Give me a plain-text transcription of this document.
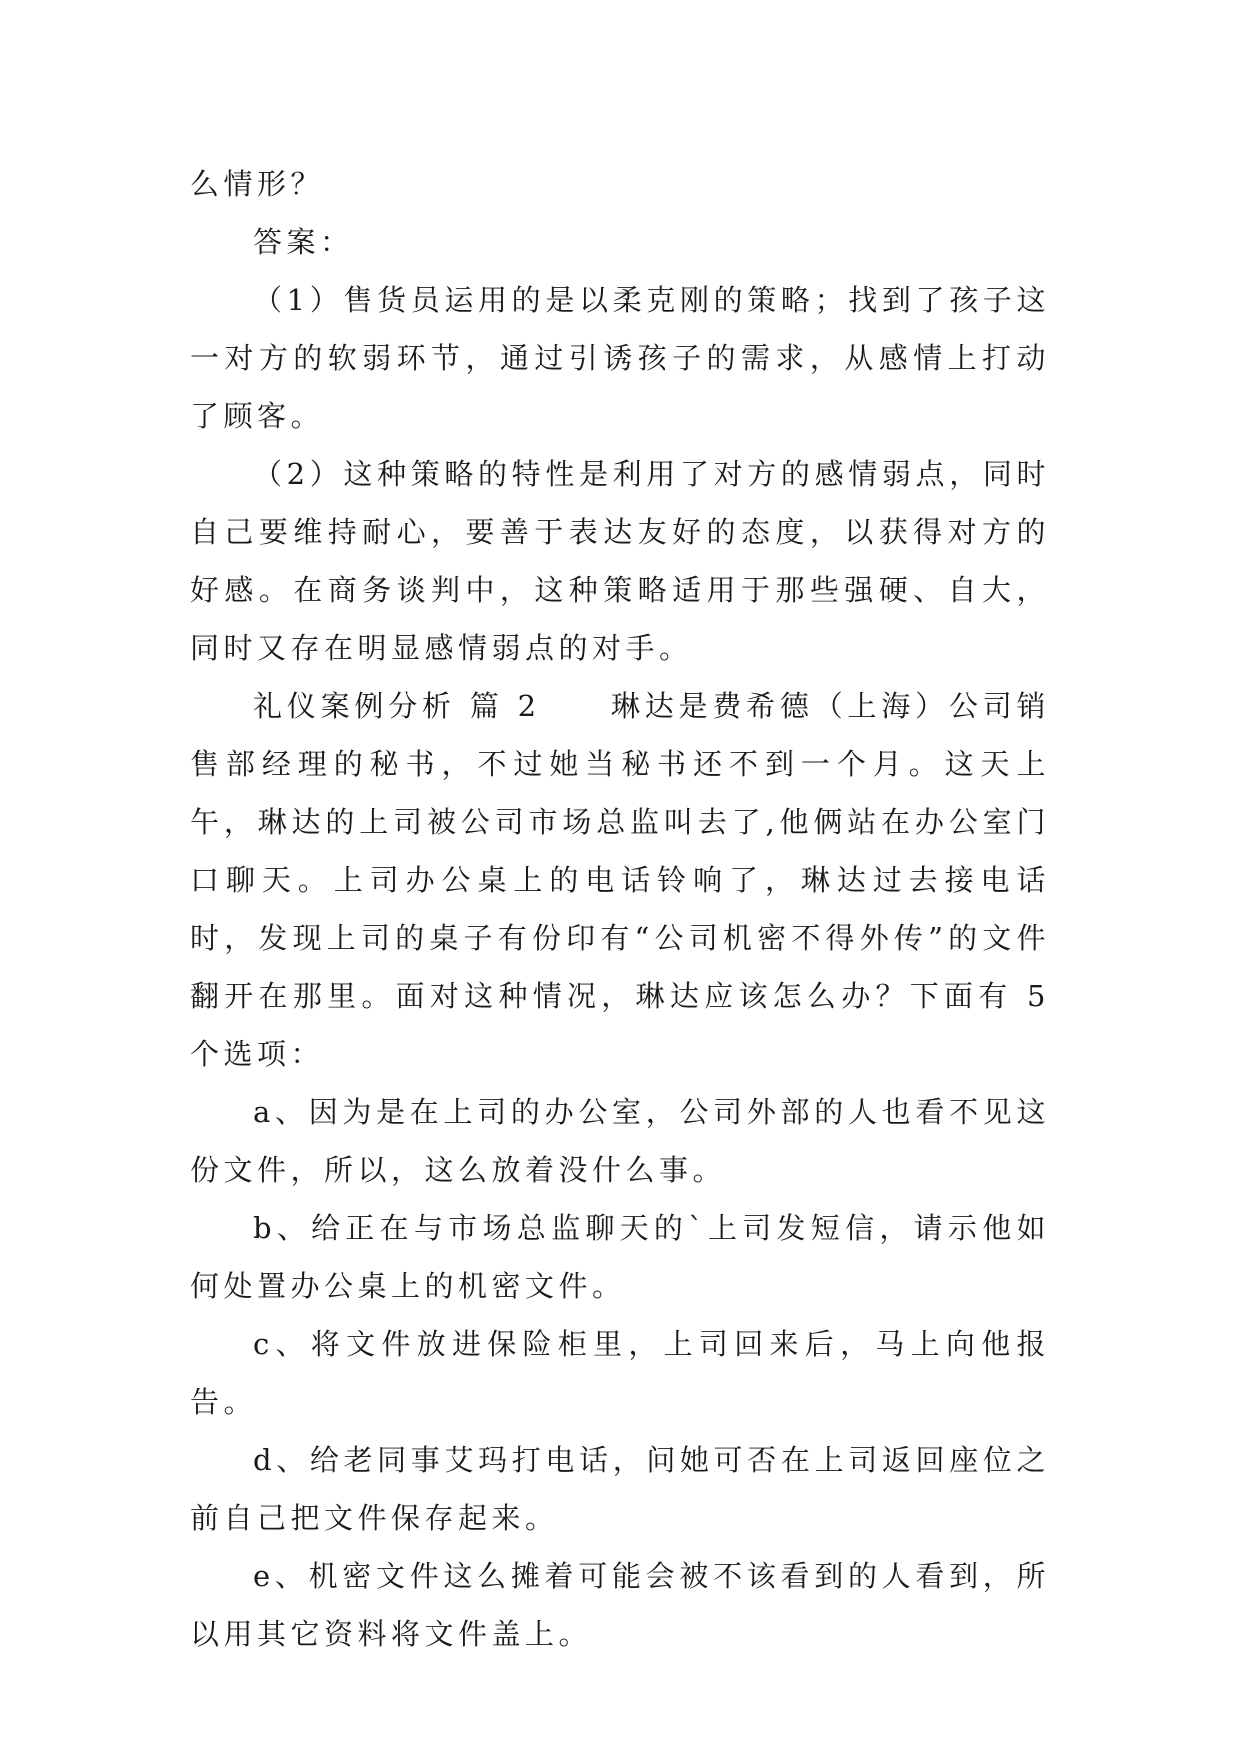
么情形？

答案：

（1）售货员运用的是以柔克刚的策略；找到了孩子这一对方的软弱环节，通过引诱孩子的需求，从感情上打动了顾客。

（2）这种策略的特性是利用了对方的感情弱点，同时自己要维持耐心，要善于表达友好的态度，以获得对方的好感。在商务谈判中，这种策略适用于那些强硬、自大，同时又存在明显感情弱点的对手。

礼仪案例分析 篇 2 琳达是费希德（上海）公司销售部经理的秘书，不过她当秘书还不到一个月。这天上午，琳达的上司被公司市场总监叫去了,他俩站在办公室门口聊天。上司办公桌上的电话铃响了，琳达过去接电话时，发现上司的桌子有份印有“公司机密不得外传”的文件翻开在那里。面对这种情况，琳达应该怎么办？下面有 5 个选项：

a、因为是在上司的办公室，公司外部的人也看不见这份文件，所以，这么放着没什么事。

b、给正在与市场总监聊天的`上司发短信，请示他如何处置办公桌上的机密文件。

c、将文件放进保险柜里，上司回来后，马上向他报告。

d、给老同事艾玛打电话，问她可否在上司返回座位之前自己把文件保存起来。

e、机密文件这么摊着可能会被不该看到的人看到，所以用其它资料将文件盖上。
